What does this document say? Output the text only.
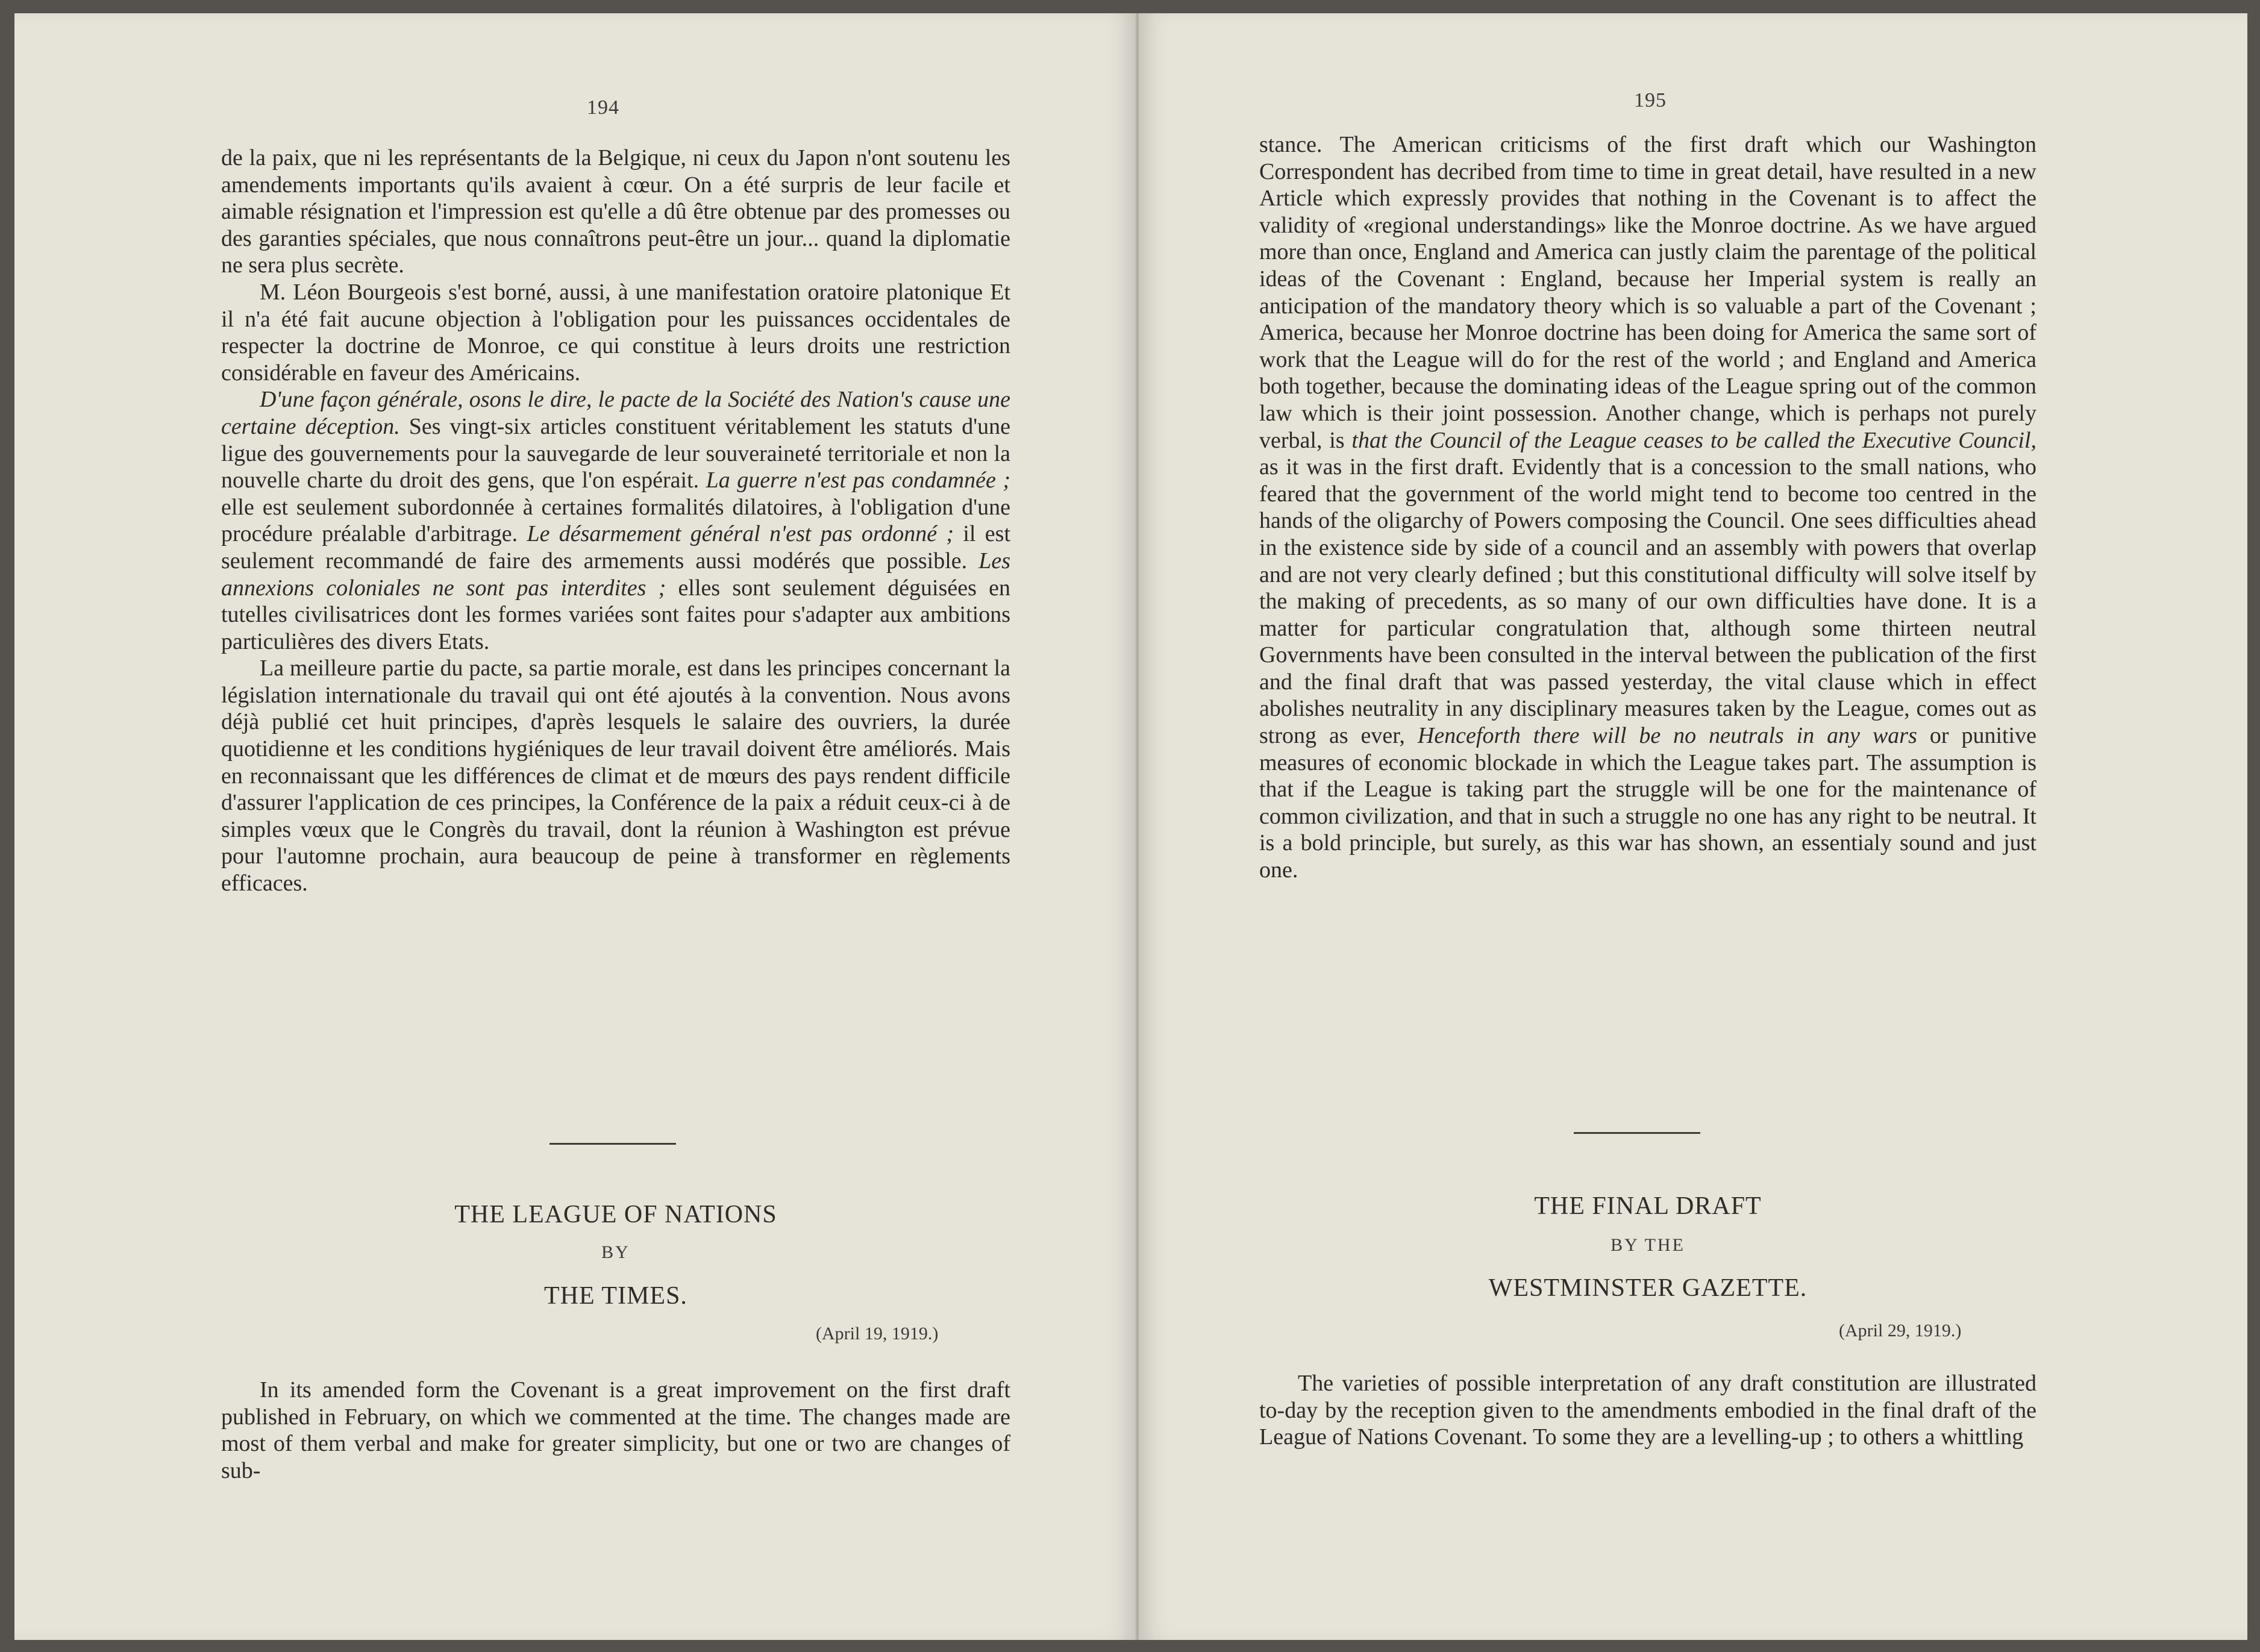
194

de la paix, que ni les représentants de la Belgique, ni ceux du Japon n'ont soutenu les amendements importants qu'ils avaient à cœur. On a été surpris de leur facile et aimable résignation et l'impression est qu'elle a dû être obtenue par des promesses ou des garanties spéciales, que nous connaîtrons peut-être un jour... quand la diplomatie ne sera plus secrète.

M. Léon Bourgeois s'est borné, aussi, à une manifestation oratoire platonique Et il n'a été fait aucune objection à l'obligation pour les puissances occidentales de respecter la doctrine de Monroe, ce qui constitue à leurs droits une restriction considérable en faveur des Américains.

D'une façon générale, osons le dire, le pacte de la Société des Nation's cause une certaine déception. Ses vingt-six articles constituent véritablement les statuts d'une ligue des gouvernements pour la sauvegarde de leur souveraineté territoriale et non la nouvelle charte du droit des gens, que l'on espérait. La guerre n'est pas condamnée ; elle est seulement subordonnée à certaines formalités dilatoires, à l'obligation d'une procédure préalable d'arbitrage. Le désarmement général n'est pas ordonné ; il est seulement recommandé de faire des armements aussi modérés que possible. Les annexions coloniales ne sont pas interdites ; elles sont seulement déguisées en tutelles civilisatrices dont les formes variées sont faites pour s'adapter aux ambitions particulières des divers Etats.

La meilleure partie du pacte, sa partie morale, est dans les principes concernant la législation internationale du travail qui ont été ajoutés à la convention. Nous avons déjà publié cet huit principes, d'après lesquels le salaire des ouvriers, la durée quotidienne et les conditions hygiéniques de leur travail doivent être améliorés. Mais en reconnaissant que les différences de climat et de mœurs des pays rendent difficile d'assurer l'application de ces principes, la Conférence de la paix a réduit ceux-ci à de simples vœux que le Congrès du travail, dont la réunion à Washington est prévue pour l'automne prochain, aura beaucoup de peine à transformer en règlements efficaces.

THE LEAGUE OF NATIONS
BY
THE TIMES.
(April 19, 1919.)

In its amended form the Covenant is a great improvement on the first draft published in February, on which we commented at the time. The changes made are most of them verbal and make for greater simplicity, but one or two are changes of sub-

195

stance. The American criticisms of the first draft which our Washington Correspondent has decribed from time to time in great detail, have resulted in a new Article which expressly provides that nothing in the Covenant is to affect the validity of «regional understandings» like the Monroe doctrine. As we have argued more than once, England and America can justly claim the parentage of the political ideas of the Covenant : England, because her Imperial system is really an anticipation of the mandatory theory which is so valuable a part of the Covenant ; America, because her Monroe doctrine has been doing for America the same sort of work that the League will do for the rest of the world ; and England and America both together, because the dominating ideas of the League spring out of the common law which is their joint possession. Another change, which is perhaps not purely verbal, is that the Council of the League ceases to be called the Executive Council, as it was in the first draft. Evidently that is a concession to the small nations, who feared that the government of the world might tend to become too centred in the hands of the oligarchy of Powers composing the Council. One sees difficulties ahead in the existence side by side of a council and an assembly with powers that overlap and are not very clearly defined ; but this constitutional difficulty will solve itself by the making of precedents, as so many of our own difficulties have done. It is a matter for particular congratulation that, although some thirteen neutral Governments have been consulted in the interval between the publication of the first and the final draft that was passed yesterday, the vital clause which in effect abolishes neutrality in any disciplinary measures taken by the League, comes out as strong as ever, Henceforth there will be no neutrals in any wars or punitive measures of economic blockade in which the League takes part. The assumption is that if the League is taking part the struggle will be one for the maintenance of common civilization, and that in such a struggle no one has any right to be neutral. It is a bold principle, but surely, as this war has shown, an essentialy sound and just one.

THE FINAL DRAFT
BY THE
WESTMINSTER GAZETTE.
(April 29, 1919.)

The varieties of possible interpretation of any draft constitution are illustrated to-day by the reception given to the amendments embodied in the final draft of the League of Nations Covenant. To some they are a levelling-up ; to others a whittling
